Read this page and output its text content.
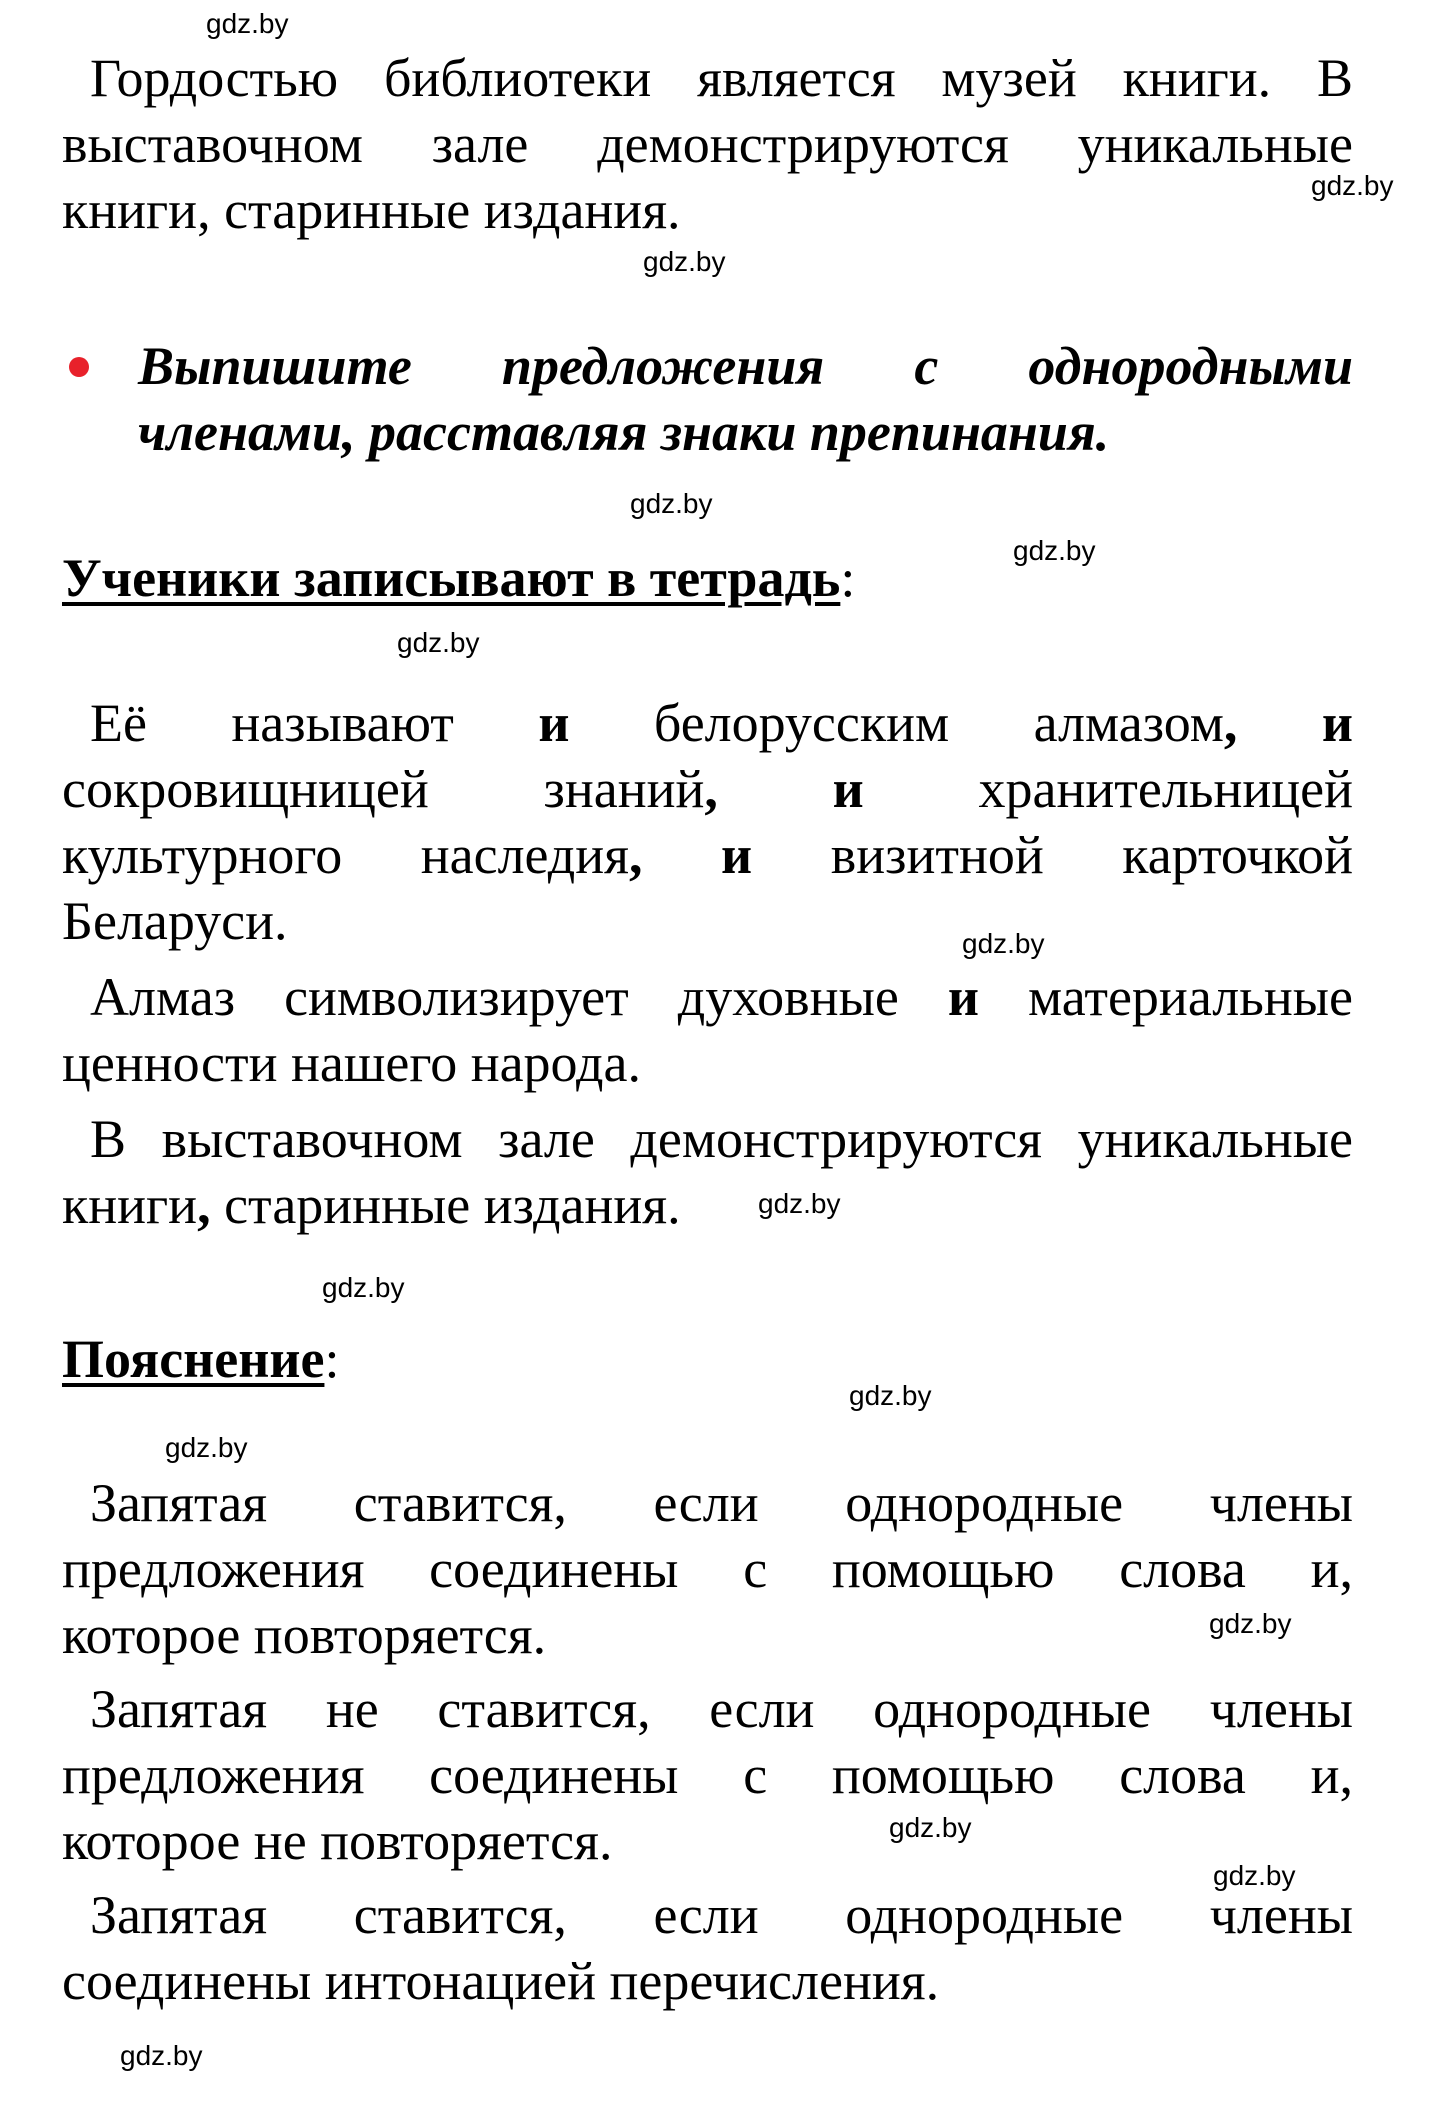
Гордостью библиотеки является музей книги. В
выставочном зале демонстрируются уникальные
книги, старинные издания.
Выпишите предложения с однородными
членами, расставляя знаки препинания.
Ученики записывают в тетрадь:
Её называют и белорусским алмазом, и
сокровищницей знаний, и хранительницей
культурного наследия, и визитной карточкой
Беларуси.
Алмаз символизирует духовные и материальные
ценности нашего народа.
В выставочном зале демонстрируются уникальные
книги, старинные издания.
Пояснение:
Запятая ставится, если однородные члены
предложения соединены с помощью слова и,
которое повторяется.
Запятая не ставится, если однородные члены
предложения соединены с помощью слова и,
которое не повторяется.
Запятая ставится, если однородные члены
соединены интонацией перечисления.
gdz.by
gdz.by
gdz.by
gdz.by
gdz.by
gdz.by
gdz.by
gdz.by
gdz.by
gdz.by
gdz.by
gdz.by
gdz.by
gdz.by
gdz.by
